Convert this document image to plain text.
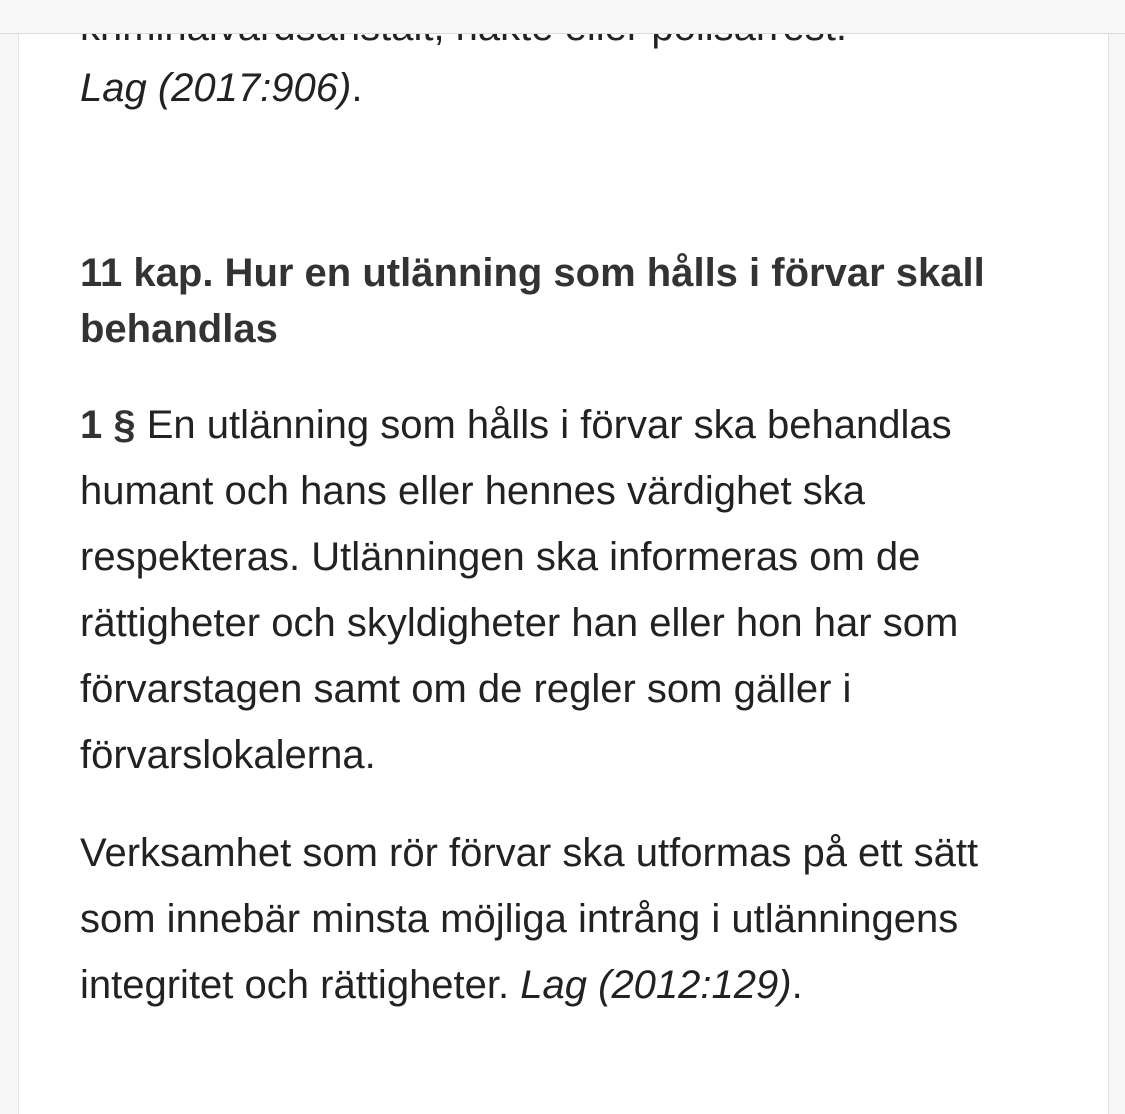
Lag (2017:906).

11 kap. Hur en utlänning som hålls i förvar skall behandlas

1 § En utlänning som hålls i förvar ska behandlas humant och hans eller hennes värdighet ska respekteras. Utlänningen ska informeras om de rättigheter och skyldigheter han eller hon har som förvarstagen samt om de regler som gäller i förvarslokalerna.

Verksamhet som rör förvar ska utformas på ett sätt som innebär minsta möjliga intrång i utlänningens integritet och rättigheter. Lag (2012:129).
